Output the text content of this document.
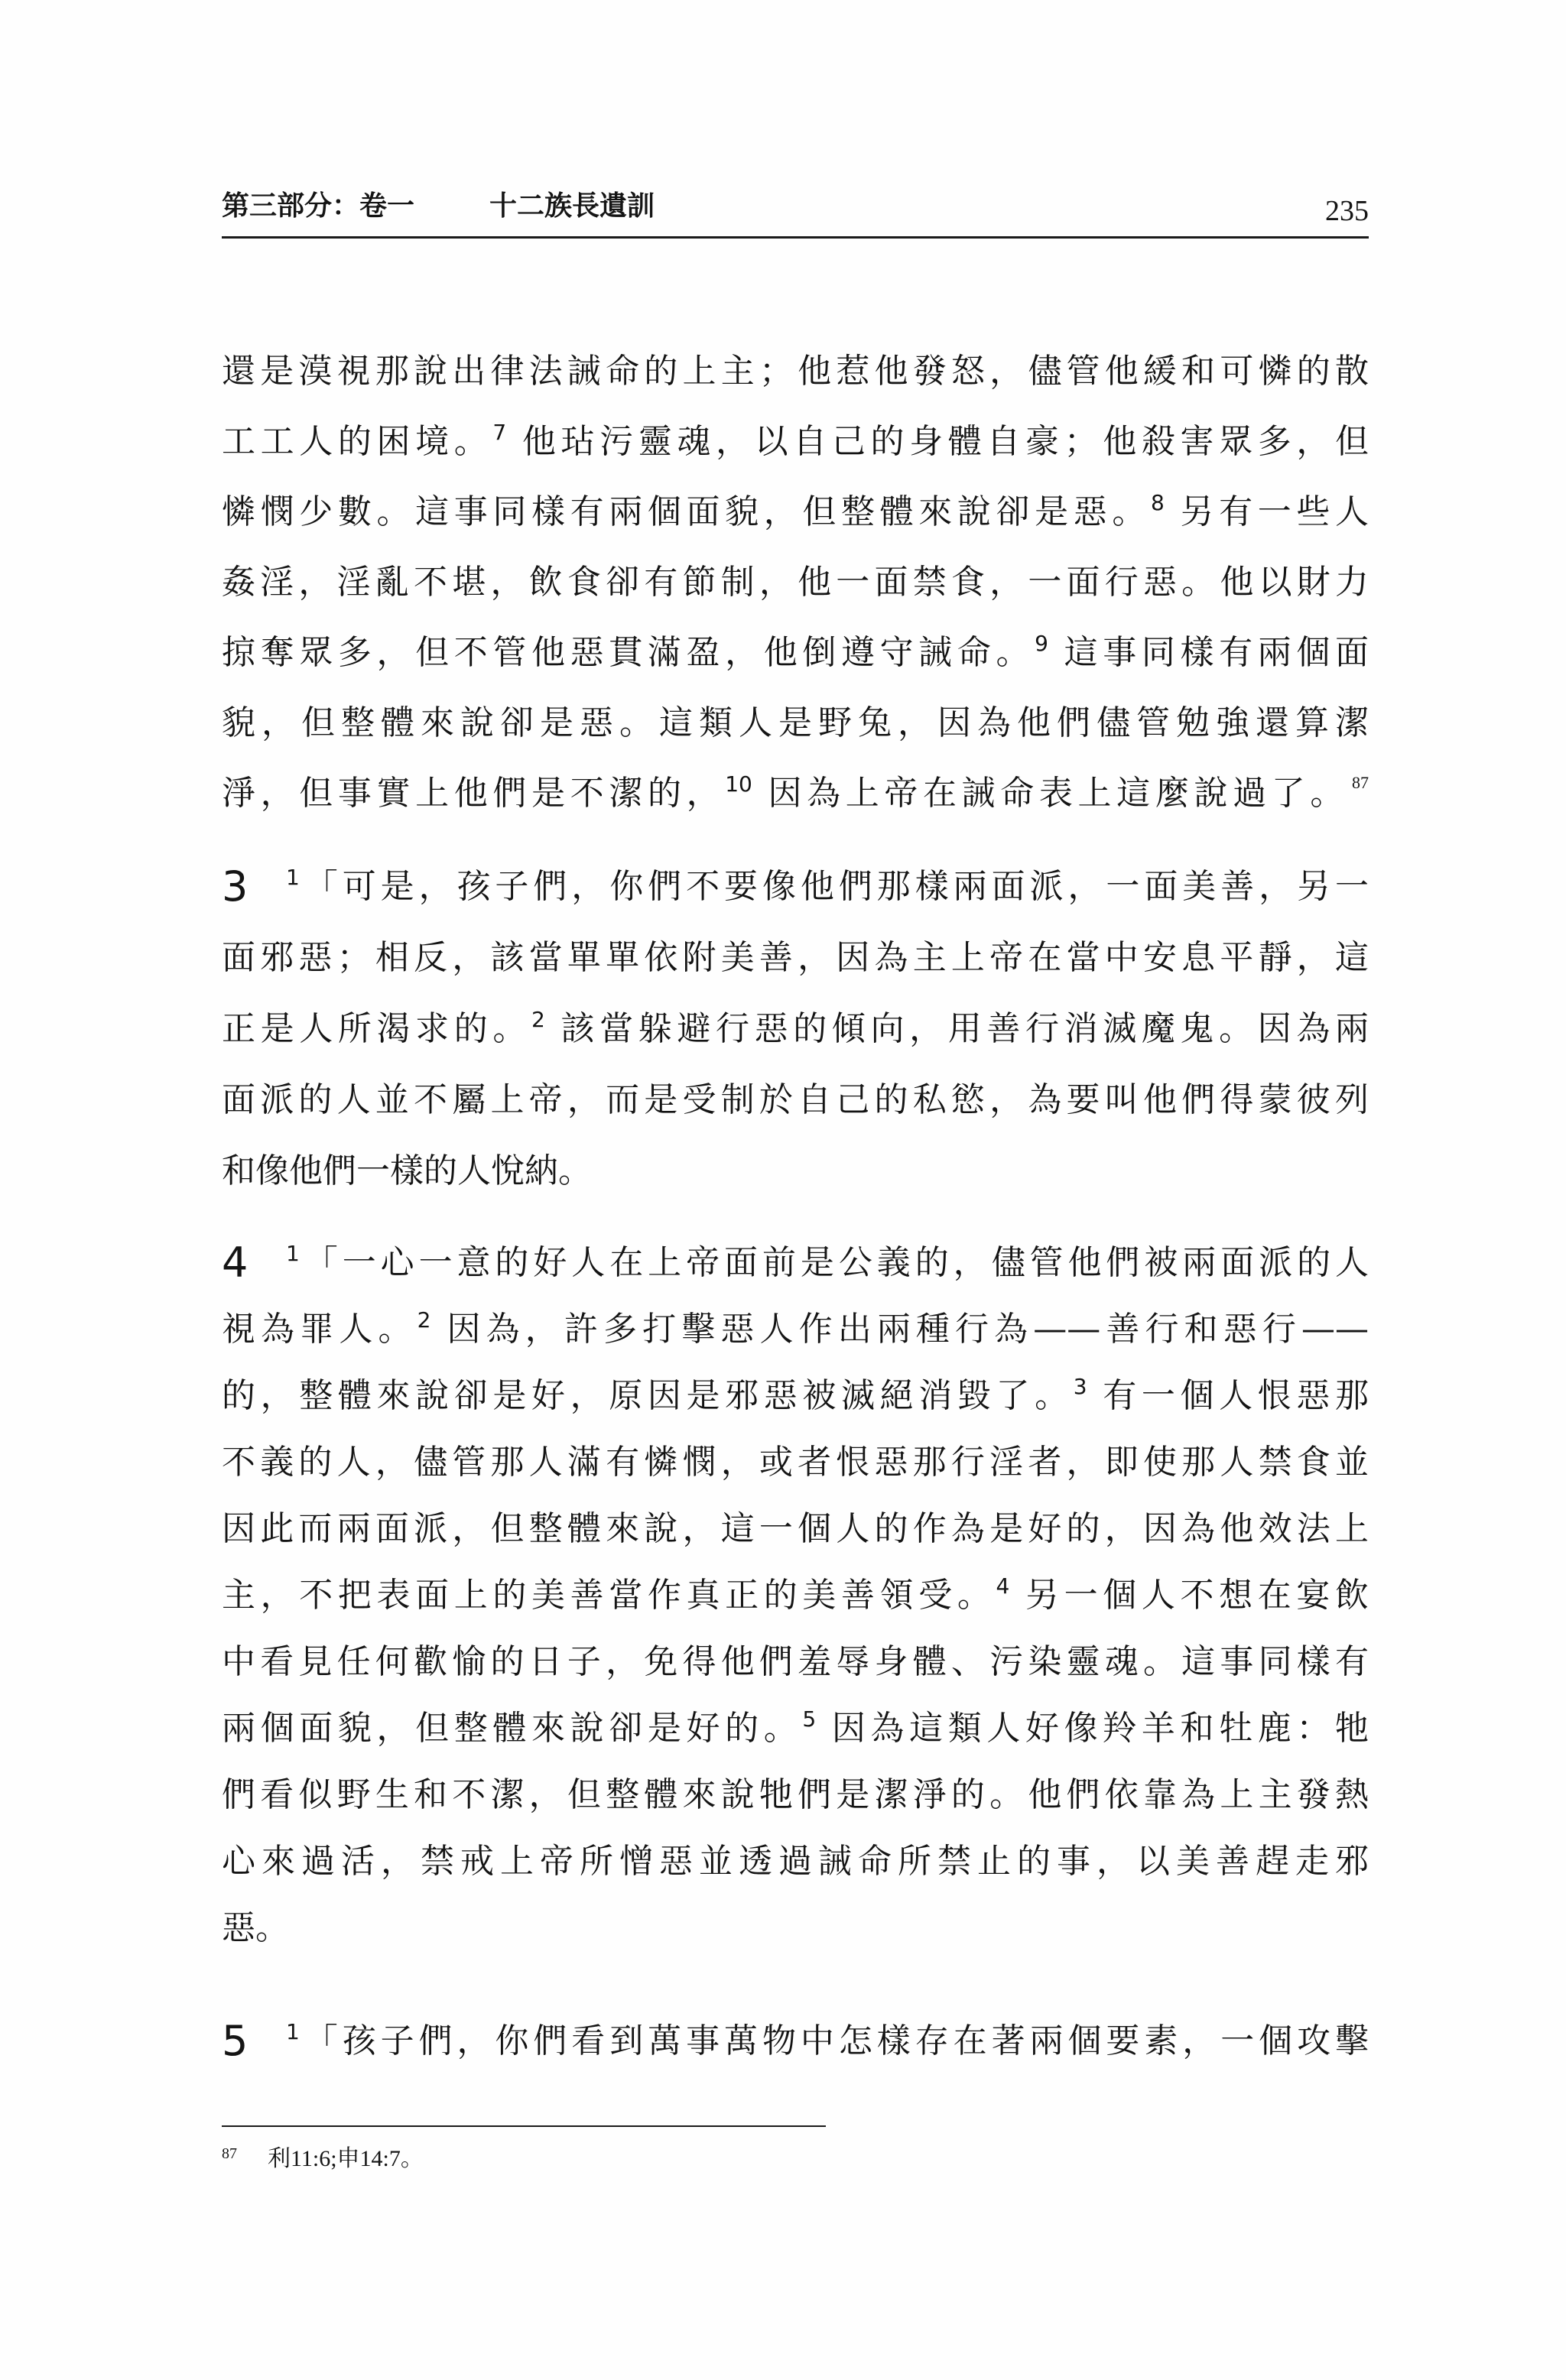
第三部分：卷一	十二族長遺訓	235
還是漠視那說出律法誡命的上主；他惹他發怒，儘管他緩和可憐的散
工工人的困境。$^7$ 他玷污靈魂，以自己的身體自豪；他殺害眾多，但
憐憫少數。這事同樣有兩個面貌，但整體來說卻是惡。$^8$ 另有一些人
姦淫，淫亂不堪，飲食卻有節制，他一面禁食，一面行惡。他以財力
掠奪眾多，但不管他惡貫滿盈，他倒遵守誡命。$^9$ 這事同樣有兩個面
貌，但整體來說卻是惡。這類人是野兔，因為他們儘管勉強還算潔
淨，但事實上他們是不潔的，$^{10}$ 因為上帝在誡命表上這麼說過了。 $^{87}$
3 $^1$「可是，孩子們，你們不要像他們那樣兩面派，一面美善，另一
面邪惡；相反，該當單單依附美善，因為主上帝在當中安息平靜，這
正是人所渴求的。$^2$ 該當躲避行惡的傾向，用善行消滅魔鬼。因為兩
面派的人並不屬上帝，而是受制於自己的私慾，為要叫他們得蒙彼列
和像他們一樣的人悅納。
4 $^1$「一心一意的好人在上帝面前是公義的，儘管他們被兩面派的人
視為罪人。$^2$ 因為，許多打擊惡人作出兩種行為——善行和惡行——
的，整體來說卻是好，原因是邪惡被滅絕消毀了。$^3$ 有一個人恨惡那
不義的人，儘管那人滿有憐憫，或者恨惡那行淫者，即使那人禁食並
因此而兩面派，但整體來說，這一個人的作為是好的，因為他效法上
主，不把表面上的美善當作真正的美善領受。$^4$ 另一個人不想在宴飲
中看見任何歡愉的日子，免得他們羞辱身體、污染靈魂。這事同樣有
兩個面貌，但整體來說卻是好的。$^5$ 因為這類人好像羚羊和牡鹿：牠
們看似野生和不潔，但整體來說牠們是潔淨的。他們依靠為上主發熱
心來過活，禁戒上帝所憎惡並透過誡命所禁止的事，以美善趕走邪
惡。
5 $^1$「孩子們，你們看到萬事萬物中怎樣存在著兩個要素，一個攻擊
87 利11:6;申14:7。
